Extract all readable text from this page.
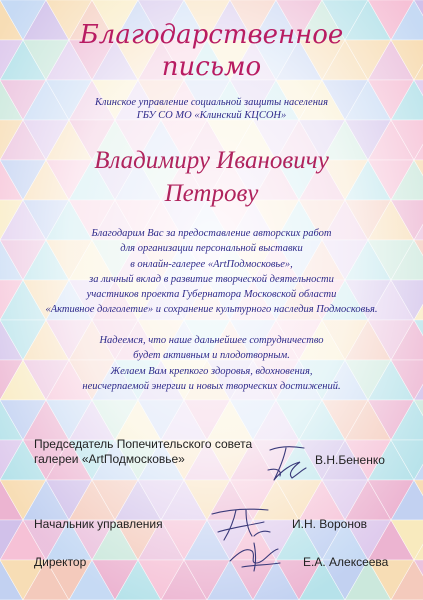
Благодарственное
письмо
Клинское управление социальной защиты населения
ГБУ СО МО «Клинский КЦСОН»
Владимиру Ивановичу
Петрову
Благодарим Вас за предоставление авторских работ
для организации персональной выставки
в онлайн-галерее «АrtПодмосковье»,
за личный вклад в развитие творческой деятельности
участников проекта Губернатора Московской области
«Активное долголетие» и сохранение культурного наследия Подмосковья.
Надеемся, что наше дальнейшее сотрудничество
будет активным и плодотворным.
Желаем Вам крепкого здоровья, вдохновения,
неисчерпаемой энергии и новых творческих достижений.
Председатель Попечительского совета
галереи «АrtПодмосковье»	В.Н.Бененко
Начальник управления	И.Н. Воронов
Директор	Е.А. Алексеева
